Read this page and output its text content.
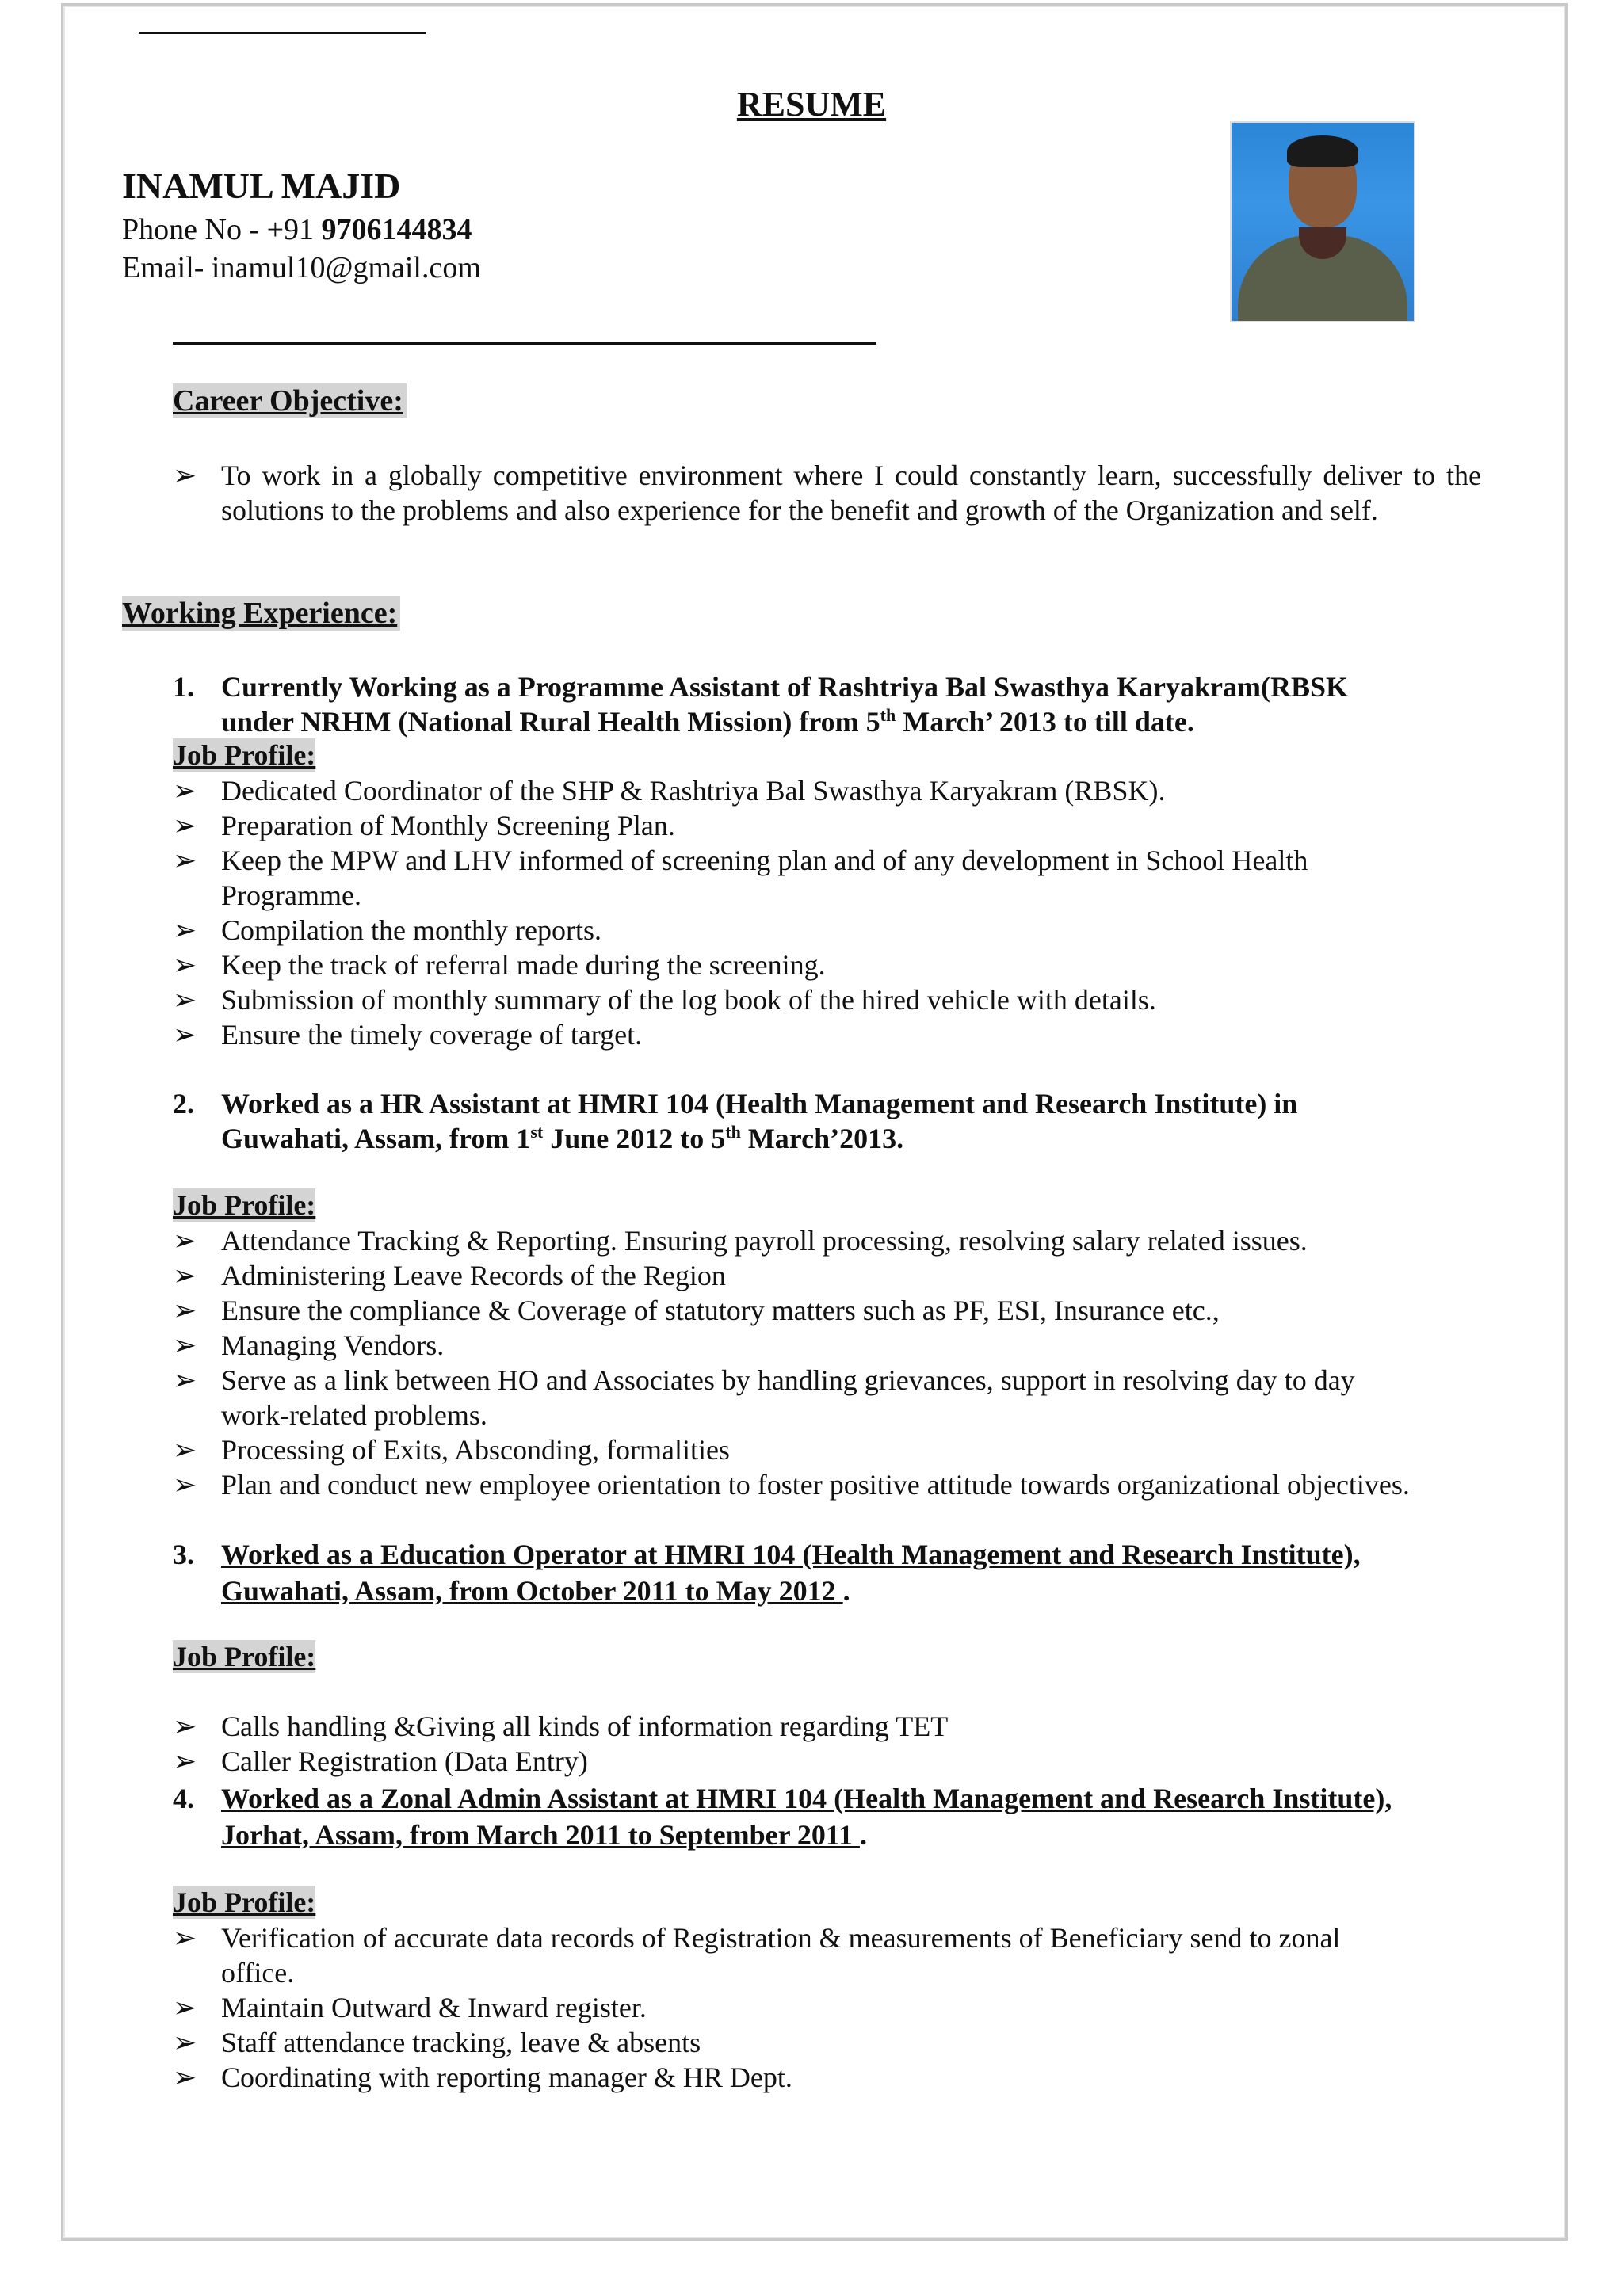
RESUME
INAMUL MAJID
Phone No - +91 9706144834
Email- inamul10@gmail.com
Career Objective:
➢ To work in a globally competitive environment where I could constantly learn, successfully deliver to the solutions to the problems and also experience for the benefit and growth of the Organization and self.
Working Experience:
1. Currently Working as a Programme Assistant of Rashtriya Bal Swasthya Karyakram(RBSK
under NRHM (National Rural Health Mission) from 5th March’ 2013 to till date.
Job Profile:
➢ Dedicated Coordinator of the SHP & Rashtriya Bal Swasthya Karyakram (RBSK).
➢ Preparation of Monthly Screening Plan.
➢ Keep the MPW and LHV informed of screening plan and of any development in School Health
Programme.
➢ Compilation the monthly reports.
➢ Keep the track of referral made during the screening.
➢ Submission of monthly summary of the log book of the hired vehicle with details.
➢ Ensure the timely coverage of target.
2. Worked as a HR Assistant at HMRI 104 (Health Management and Research Institute) in
Guwahati, Assam, from 1st June 2012 to 5th March’2013.
Job Profile:
➢ Attendance Tracking & Reporting. Ensuring payroll processing, resolving salary related issues.
➢ Administering Leave Records of the Region
➢ Ensure the compliance & Coverage of statutory matters such as PF, ESI, Insurance etc.,
➢ Managing Vendors.
➢ Serve as a link between HO and Associates by handling grievances, support in resolving day to day
work-related problems.
➢ Processing of Exits, Absconding, formalities
➢ Plan and conduct new employee orientation to foster positive attitude towards organizational objectives.
3. Worked as a Education Operator at HMRI 104 (Health Management and Research Institute),
Guwahati, Assam, from October 2011 to May 2012 .
Job Profile:
➢ Calls handling &Giving all kinds of information regarding TET
➢ Caller Registration (Data Entry)
4. Worked as a Zonal Admin Assistant at HMRI 104 (Health Management and Research Institute),
Jorhat, Assam, from March 2011 to September 2011 .
Job Profile:
➢ Verification of accurate data records of Registration & measurements of Beneficiary send to zonal
office.
➢ Maintain Outward & Inward register.
➢ Staff attendance tracking, leave & absents
➢ Coordinating with reporting manager & HR Dept.
